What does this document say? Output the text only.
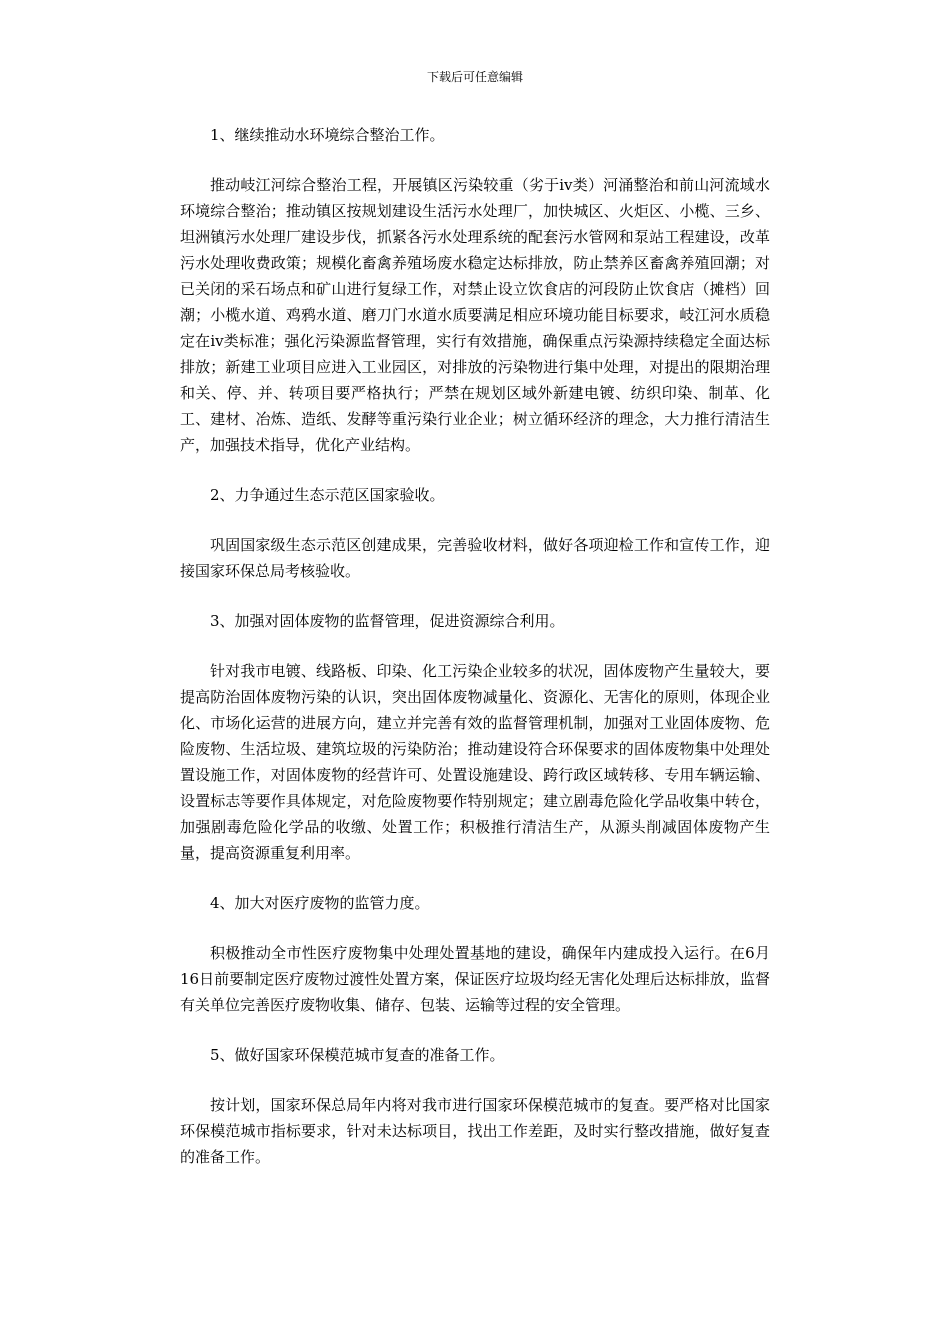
下载后可任意编辑

1、继续推动水环境综合整治工作。

推动岐江河综合整治工程，开展镇区污染较重（劣于ⅳ类）河涌整治和前山河流域水环境综合整治；推动镇区按规划建设生活污水处理厂，加快城区、火炬区、小榄、三乡、坦洲镇污水处理厂建设步伐，抓紧各污水处理系统的配套污水管网和泵站工程建设，改革污水处理收费政策；规模化畜禽养殖场废水稳定达标排放，防止禁养区畜禽养殖回潮；对已关闭的采石场点和矿山进行复绿工作，对禁止设立饮食店的河段防止饮食店（摊档）回潮；小榄水道、鸡鸦水道、磨刀门水道水质要满足相应环境功能目标要求，岐江河水质稳定在ⅳ类标准；强化污染源监督管理，实行有效措施，确保重点污染源持续稳定全面达标排放；新建工业项目应进入工业园区，对排放的污染物进行集中处理，对提出的限期治理和关、停、并、转项目要严格执行；严禁在规划区域外新建电镀、纺织印染、制革、化工、建材、冶炼、造纸、发酵等重污染行业企业；树立循环经济的理念，大力推行清洁生产，加强技术指导，优化产业结构。

2、力争通过生态示范区国家验收。

巩固国家级生态示范区创建成果，完善验收材料，做好各项迎检工作和宣传工作，迎接国家环保总局考核验收。

3、加强对固体废物的监督管理，促进资源综合利用。

针对我市电镀、线路板、印染、化工污染企业较多的状况，固体废物产生量较大，要提高防治固体废物污染的认识，突出固体废物减量化、资源化、无害化的原则，体现企业化、市场化运营的进展方向，建立并完善有效的监督管理机制，加强对工业固体废物、危险废物、生活垃圾、建筑垃圾的污染防治；推动建设符合环保要求的固体废物集中处理处置设施工作，对固体废物的经营许可、处置设施建设、跨行政区域转移、专用车辆运输、设置标志等要作具体规定，对危险废物要作特别规定；建立剧毒危险化学品收集中转仓，加强剧毒危险化学品的收缴、处置工作；积极推行清洁生产，从源头削减固体废物产生量，提高资源重复利用率。

4、加大对医疗废物的监管力度。

积极推动全市性医疗废物集中处理处置基地的建设，确保年内建成投入运行。在6月16日前要制定医疗废物过渡性处置方案，保证医疗垃圾均经无害化处理后达标排放，监督有关单位完善医疗废物收集、储存、包装、运输等过程的安全管理。

5、做好国家环保模范城市复查的准备工作。

按计划，国家环保总局年内将对我市进行国家环保模范城市的复查。要严格对比国家环保模范城市指标要求，针对未达标项目，找出工作差距，及时实行整改措施，做好复查的准备工作。
